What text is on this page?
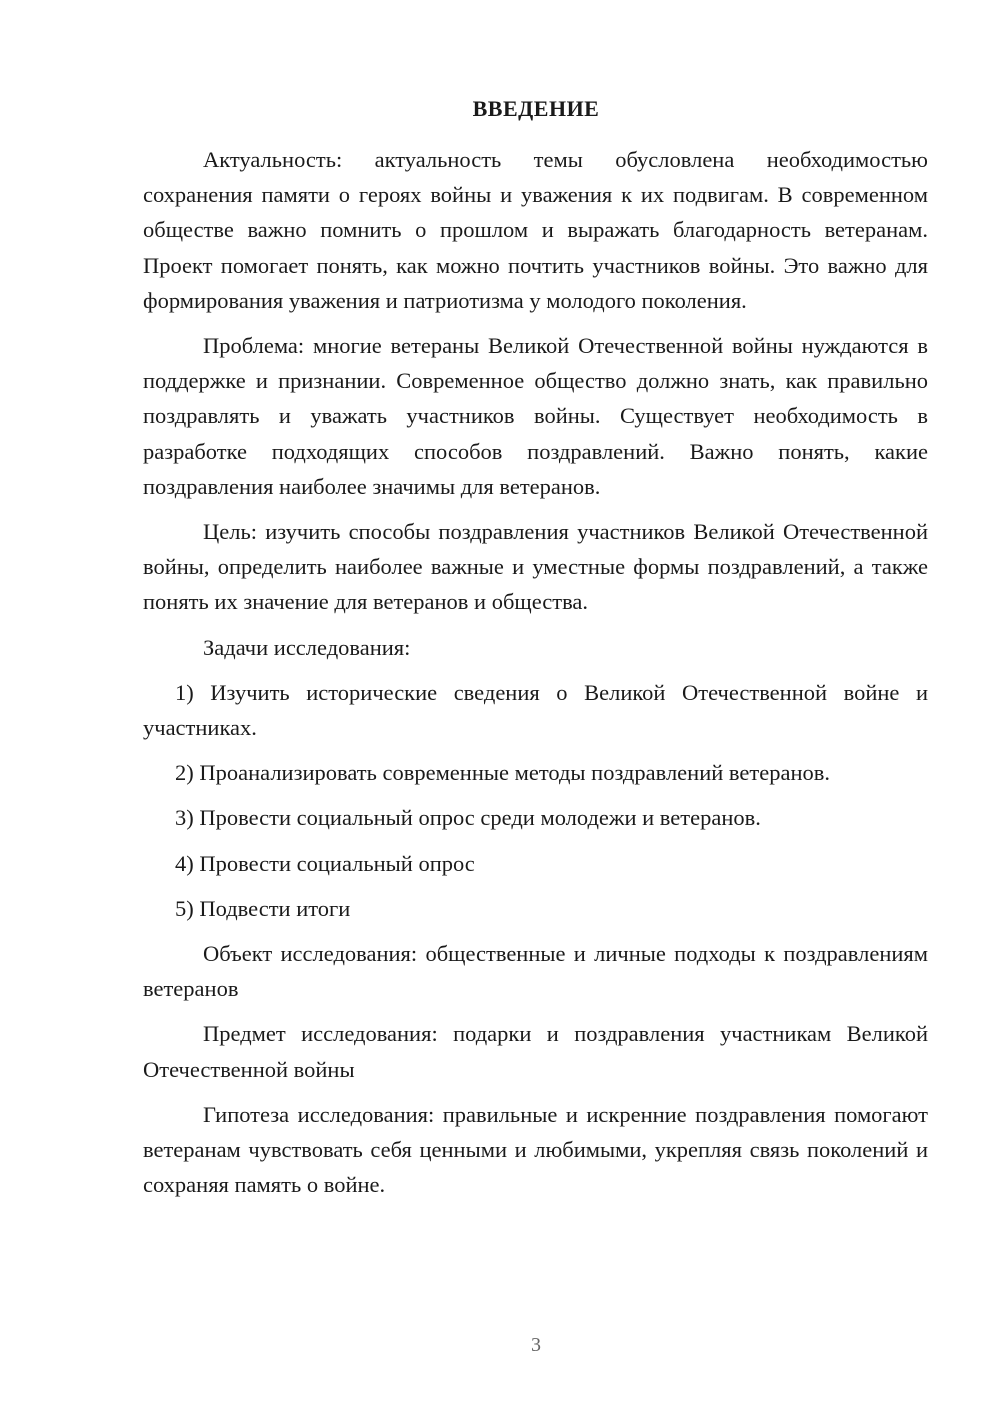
ВВЕДЕНИЕ

Актуальность: актуальность темы обусловлена необходимостью сохранения памяти о героях войны и уважения к их подвигам. В современном обществе важно помнить о прошлом и выражать благодарность ветеранам. Проект помогает понять, как можно почтить участников войны. Это важно для формирования уважения и патриотизма у молодого поколения.

Проблема: многие ветераны Великой Отечественной войны нуждаются в поддержке и признании. Современное общество должно знать, как правильно поздравлять и уважать участников войны. Существует необходимость в разработке подходящих способов поздравлений. Важно понять, какие поздравления наиболее значимы для ветеранов.

Цель: изучить способы поздравления участников Великой Отечественной войны, определить наиболее важные и уместные формы поздравлений, а также понять их значение для ветеранов и общества.

Задачи исследования:

1) Изучить исторические сведения о Великой Отечественной войне и участниках.

2) Проанализировать современные методы поздравлений ветеранов.

3) Провести социальный опрос среди молодежи и ветеранов.

4) Провести социальный опрос

5) Подвести итоги

Объект исследования: общественные и личные подходы к поздравлениям ветеранов

Предмет исследования: подарки и поздравления участникам Великой Отечественной войны

Гипотеза исследования: правильные и искренние поздравления помогают ветеранам чувствовать себя ценными и любимыми, укрепляя связь поколений и сохраняя память о войне.

3
